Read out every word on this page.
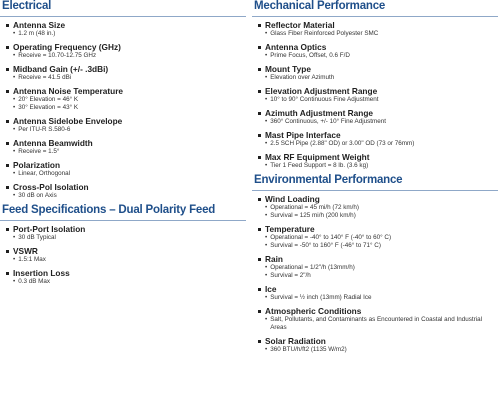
Electrical
Antenna Size
• 1.2 m (48 in.)
Operating Frequency (GHz)
• Receive = 10.70-12.75 GHz
Midband Gain (+/- .3dBi)
• Receive = 41.5 dBi
Antenna Noise Temperature
• 20° Elevation = 46° K
• 30° Elevation = 43° K
Antenna Sidelobe Envelope
• Per ITU-R S.580-6
Antenna Beamwidth
• Receive = 1.5°
Polarization
• Linear, Orthogonal
Cross-Pol Isolation
• 30 dB on Axis
Feed Specifications – Dual Polarity Feed
Port-Port Isolation
• 30 dB Typical
VSWR
• 1.5:1 Max
Insertion Loss
• 0.3 dB Max
Mechanical Performance
Reflector Material
• Glass Fiber Reinforced Polyester SMC
Antenna Optics
• Prime Focus, Offset, 0.6 F/D
Mount Type
• Elevation over Azimuth
Elevation Adjustment Range
• 10° to 90° Continuous Fine Adjustment
Azimuth Adjustment Range
• 360° Continuous, +/- 10° Fine Adjustment
Mast Pipe Interface
• 2.5 SCH Pipe (2.88" OD) or 3.00" OD (73 or 76mm)
Max RF Equipment Weight
• Tier 1 Feed Support = 8 lb. (3.6 kg)
Environmental Performance
Wind Loading
• Operational = 45 mi/h (72 km/h)
• Survival = 125 mi/h (200 km/h)
Temperature
• Operational = -40° to 140° F (-40° to 60° C)
• Survival = -50° to 160° F (-46° to 71° C)
Rain
• Operational = 1/2"/h (13mm/h)
• Survival = 2"/h
Ice
• Survival = ½ inch (13mm) Radial Ice
Atmospheric Conditions
• Salt, Pollutants, and Contaminants as Encountered in Coastal and Industrial Areas
Solar Radiation
• 360 BTU/h/ft2 (1135 W/m2)
